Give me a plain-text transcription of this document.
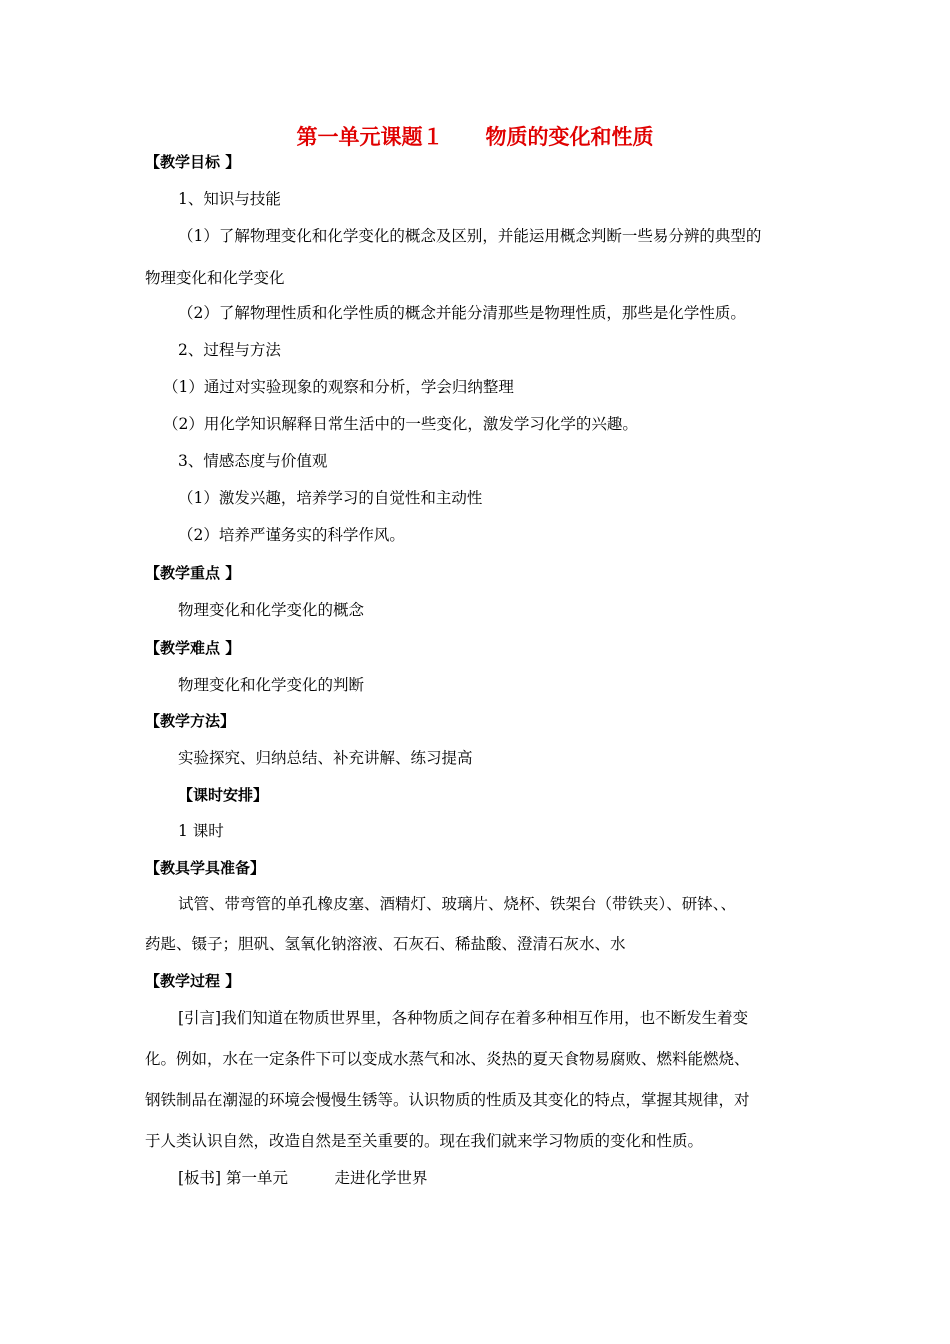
第一单元课题１　　物质的变化和性质
【教学目标 】
1、知识与技能
（1）了解物理变化和化学变化的概念及区别，并能运用概念判断一些易分辨的典型的
物理变化和化学变化
（2）了解物理性质和化学性质的概念并能分清那些是物理性质，那些是化学性质。
2、过程与方法
（1）通过对实验现象的观察和分析，学会归纳整理
（2）用化学知识解释日常生活中的一些变化，激发学习化学的兴趣。
3、情感态度与价值观
（1）激发兴趣，培养学习的自觉性和主动性
（2）培养严谨务实的科学作风。
【教学重点 】
物理变化和化学变化的概念
【教学难点 】
物理变化和化学变化的判断
【教学方法】
实验探究、归纳总结、补充讲解、练习提高
【课时安排】
1 课时
【教具学具准备】
试管、带弯管的单孔橡皮塞、酒精灯、玻璃片、烧杯、铁架台（带铁夹）、研钵、、
药匙、镊子；胆矾、氢氧化钠溶液、石灰石、稀盐酸、澄清石灰水、水
【教学过程 】
[引言]我们知道在物质世界里，各种物质之间存在着多种相互作用，也不断发生着变
化。例如，水在一定条件下可以变成水蒸气和冰、炎热的夏天食物易腐败、燃料能燃烧、
钢铁制品在潮湿的环境会慢慢生锈等。认识物质的性质及其变化的特点，掌握其规律，对
于人类认识自然，改造自然是至关重要的。现在我们就来学习物质的变化和性质。
[板书] 第一单元　　　走进化学世界
